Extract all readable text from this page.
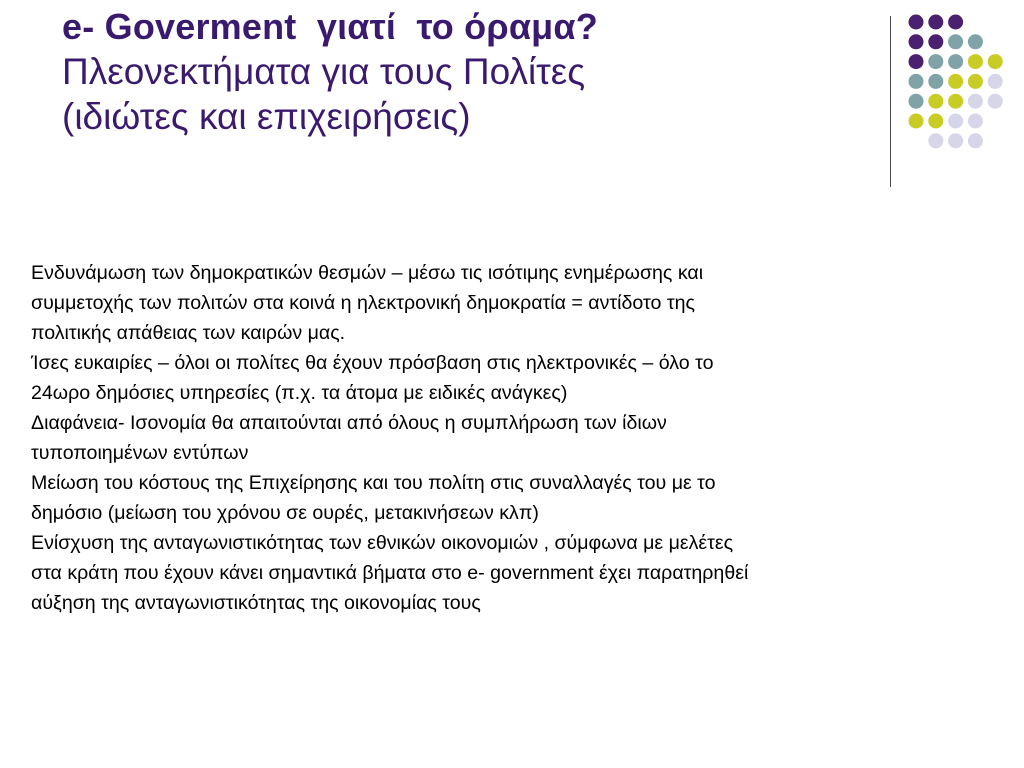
e- Goverment  γιατί  το όραμα?
Πλεονεκτήματα για τους Πολίτες
(ιδιώτες και επιχειρήσεις)

Ενδυνάμωση των δημοκρατικών θεσμών – μέσω τις ισότιμης ενημέρωσης και
συμμετοχής των πολιτών στα κοινά η ηλεκτρονική δημοκρατία = αντίδοτο της
πολιτικής απάθειας των καιρών μας.

Ίσες ευκαιρίες – όλοι οι πολίτες θα έχουν πρόσβαση στις ηλεκτρονικές – όλο το
24ωρο δημόσιες υπηρεσίες (π.χ. τα άτομα με ειδικές ανάγκες)

Διαφάνεια- Ισονομία θα απαιτούνται από όλους η συμπλήρωση των ίδιων
τυποποιημένων εντύπων

Μείωση του κόστους της Επιχείρησης και του πολίτη στις συναλλαγές του με το
δημόσιο (μείωση του χρόνου σε ουρές, μετακινήσεων κλπ)

Ενίσχυση της ανταγωνιστικότητας των εθνικών οικονομιών , σύμφωνα με μελέτες
στα κράτη που έχουν κάνει σημαντικά βήματα στο e- government έχει παρατηρηθεί
αύξηση της ανταγωνιστικότητας της οικονομίας τους
